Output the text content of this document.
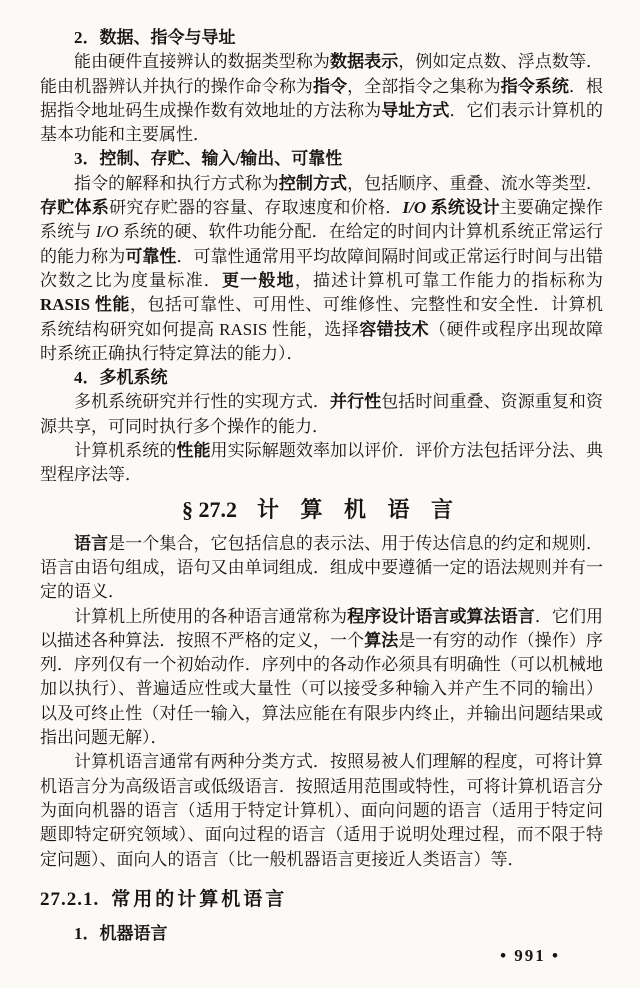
2．数据、指令与导址
能由硬件直接辨认的数据类型称为数据表示，例如定点数、浮点数等．能由机器辨认并执行的操作命令称为指令，全部指令之集称为指令系统．根据指令地址码生成操作数有效地址的方法称为导址方式．它们表示计算机的基本功能和主要属性．
3．控制、存贮、输入/输出、可靠性
指令的解释和执行方式称为控制方式，包括顺序、重叠、流水等类型．存贮体系研究存贮器的容量、存取速度和价格．I/O 系统设计主要确定操作系统与 I/O 系统的硬、软件功能分配．在给定的时间内计算机系统正常运行的能力称为可靠性．可靠性通常用平均故障间隔时间或正常运行时间与出错次数之比为度量标准．更一般地，描述计算机可靠工作能力的指标称为 RASIS 性能，包括可靠性、可用性、可维修性、完整性和安全性．计算机系统结构研究如何提高 RASIS 性能，选择容错技术（硬件或程序出现故障时系统正确执行特定算法的能力）．
4．多机系统
多机系统研究并行性的实现方式．并行性包括时间重叠、资源重复和资源共享，可同时执行多个操作的能力．
计算机系统的性能用实际解题效率加以评价．评价方法包括评分法、典型程序法等．
§ 27.2 计 算 机 语 言
语言是一个集合，它包括信息的表示法、用于传达信息的约定和规则．语言由语句组成，语句又由单词组成．组成中要遵循一定的语法规则并有一定的语义．
计算机上所使用的各种语言通常称为程序设计语言或算法语言．它们用以描述各种算法．按照不严格的定义，一个算法是一有穷的动作（操作）序列．序列仅有一个初始动作．序列中的各动作必须具有明确性（可以机械地加以执行）、普遍适应性或大量性（可以接受多种输入并产生不同的输出）以及可终止性（对任一输入，算法应能在有限步内终止，并输出问题结果或指出问题无解）．
计算机语言通常有两种分类方式．按照易被人们理解的程度，可将计算机语言分为高级语言或低级语言．按照适用范围或特性，可将计算机语言分为面向机器的语言（适用于特定计算机）、面向问题的语言（适用于特定问题即特定研究领域）、面向过程的语言（适用于说明处理过程，而不限于特定问题）、面向人的语言（比一般机器语言更接近人类语言）等．
27.2.1. 常用的计算机语言
1．机器语言
• 991 •
